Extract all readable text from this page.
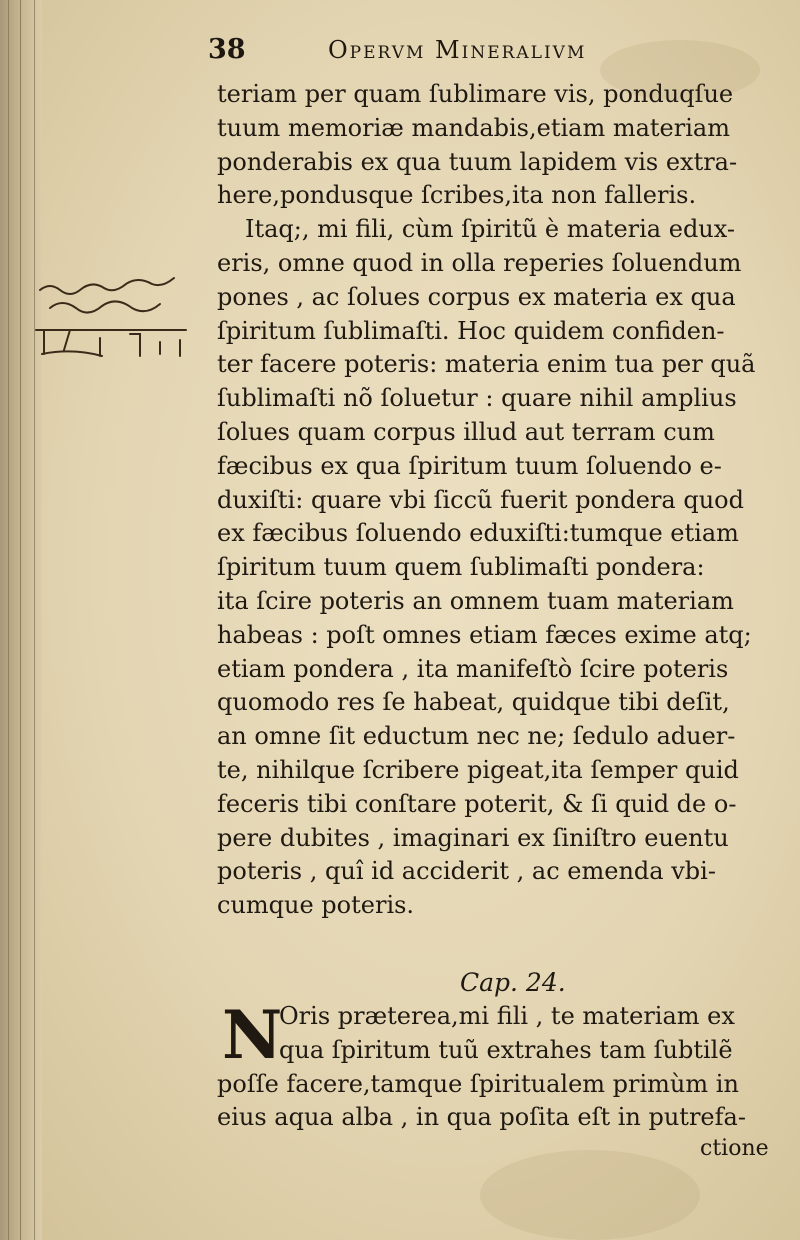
38	Opervm Mineralivm
teriam per quam ſublimare vis, ponduqſue
tuum memoriæ mandabis,etiam materiam
ponderabis ex qua tuum lapidem vis extra-
here,pondusque ſcribes,ita non falleris.
Itaq;, mi fili, cùm ſpiritũ è materia edux-
eris, omne quod in olla reperies ſoluendum
pones , ac ſolues corpus ex materia ex qua
ſpiritum ſublimaſti. Hoc quidem confiden-
ter facere poteris: materia enim tua per quã
ſublimaſti nõ ſoluetur : quare nihil amplius
ſolues quam corpus illud aut terram cum
fæcibus ex qua ſpiritum tuum ſoluendo e-
duxiſti: quare vbi ſiccũ fuerit pondera quod
ex fæcibus ſoluendo eduxiſti:tumque etiam
ſpiritum tuum quem ſublimaſti pondera:
ita ſcire poteris an omnem tuam materiam
habeas : poſt omnes etiam fæces exime atq;
etiam pondera , ita manifeſtò ſcire poteris
quomodo res ſe habeat, quidque tibi deſit,
an omne ſit eductum nec ne; ſedulo aduer-
te, nihilque ſcribere pigeat,ita ſemper quid
feceris tibi conſtare poterit, & ſi quid de o-
pere dubites , imaginari ex ſiniſtro euentu
poteris , quî id acciderit , ac emenda vbi-
cumque poteris.
Cap. 24.
N
Oris præterea,mi fili , te materiam ex
qua ſpiritum tuũ extrahes tam ſubtilẽ
poſſe facere,tamque ſpiritualem primùm in
eius aqua alba , in qua poſita eſt in putrefa-
ctione
